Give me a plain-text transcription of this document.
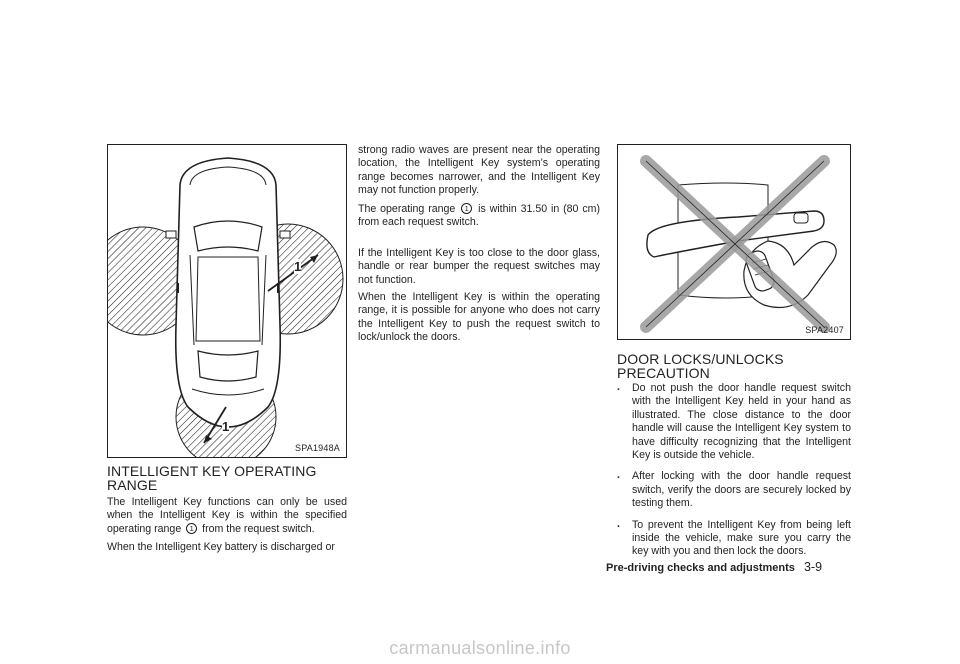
1
1
SPA1948A
INTELLIGENT KEY OPERATING RANGE

The Intelligent Key functions can only be used when the Intelligent Key is within the specified operating range 1 from the request switch.

When the Intelligent Key battery is discharged or

strong radio waves are present near the operating location, the Intelligent Key system’s operating range becomes narrower, and the Intelligent Key may not function properly.

The operating range 1 is within 31.50 in (80 cm) from each request switch.

If the Intelligent Key is too close to the door glass, handle or rear bumper the request switches may not function.

When the Intelligent Key is within the operating range, it is possible for anyone who does not carry the Intelligent Key to push the request switch to lock/unlock the doors.

SPA2407
DOOR LOCKS/UNLOCKS PRECAUTION
. Do not push the door handle request switch with the Intelligent Key held in your hand as illustrated. The close distance to the door handle will cause the Intelligent Key system to have difficulty recognizing that the Intelligent Key is outside the vehicle.
. After locking with the door handle request switch, verify the doors are securely locked by testing them.
. To prevent the Intelligent Key from being left inside the vehicle, make sure you carry the key with you and then lock the doors.
Pre-driving checks and adjustments 3-9
carmanualsonline.info
